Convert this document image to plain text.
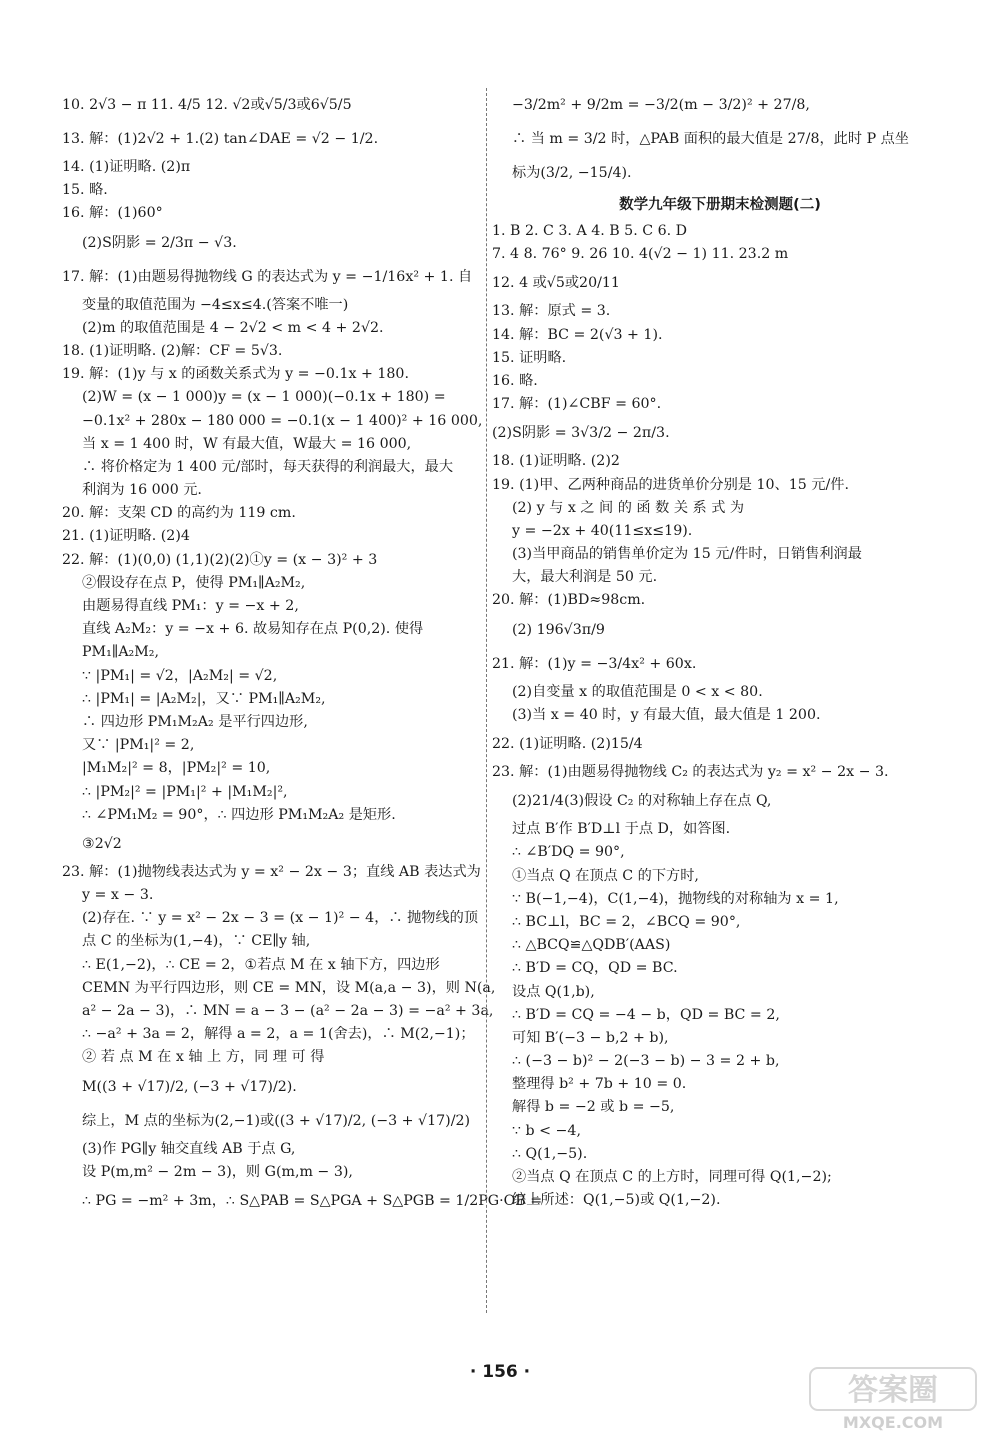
10. 2√3 − π 11. 4/5 12. √2或√5/3或6√5/5
13. 解：(1)2√2 + 1.(2) tan∠DAE = √2 − 1/2.
14. (1)证明略. (2)π
15. 略.
16. 解：(1)60°
(2)S阴影 = 2/3π − √3.
17. 解：(1)由题易得抛物线 G 的表达式为 y = −1/16x² + 1. 自
变量的取值范围为 −4≤x≤4.(答案不唯一)
(2)m 的取值范围是 4 − 2√2 < m < 4 + 2√2.
18. (1)证明略. (2)解：CF = 5√3.
19. 解：(1)y 与 x 的函数关系式为 y = −0.1x + 180.
(2)W = (x − 1 000)y = (x − 1 000)(−0.1x + 180) =
−0.1x² + 280x − 180 000 = −0.1(x − 1 400)² + 16 000,
当 x = 1 400 时，W 有最大值，W最大 = 16 000,
∴ 将价格定为 1 400 元/部时，每天获得的利润最大，最大
利润为 16 000 元.
20. 解：支架 CD 的高约为 119 cm.
21. (1)证明略. (2)4
22. 解：(1)(0,0) (1,1)(2)(2)①y = (x − 3)² + 3
②假设存在点 P，使得 PM₁∥A₂M₂,
由题易得直线 PM₁：y = −x + 2,
直线 A₂M₂：y = −x + 6. 故易知存在点 P(0,2). 使得
PM₁∥A₂M₂,
∵ |PM₁| = √2，|A₂M₂| = √2,
∴ |PM₁| = |A₂M₂|，又∵ PM₁∥A₂M₂,
∴ 四边形 PM₁M₂A₂ 是平行四边形,
又∵ |PM₁|² = 2,
|M₁M₂|² = 8，|PM₂|² = 10,
∴ |PM₂|² = |PM₁|² + |M₁M₂|²,
∴ ∠PM₁M₂ = 90°，∴ 四边形 PM₁M₂A₂ 是矩形.
③2√2
23. 解：(1)抛物线表达式为 y = x² − 2x − 3；直线 AB 表达式为
y = x − 3.
(2)存在. ∵ y = x² − 2x − 3 = (x − 1)² − 4，∴ 抛物线的顶
点 C 的坐标为(1,−4)，∵ CE∥y 轴,
∴ E(1,−2)，∴ CE = 2，①若点 M 在 x 轴下方，四边形
CEMN 为平行四边形，则 CE = MN，设 M(a,a − 3)，则 N(a,
a² − 2a − 3)，∴ MN = a − 3 − (a² − 2a − 3) = −a² + 3a,
∴ −a² + 3a = 2，解得 a = 2，a = 1(舍去)，∴ M(2,−1)；
② 若 点 M 在 x 轴 上 方，同 理 可 得
M((3 + √17)/2, (−3 + √17)/2).
综上，M 点的坐标为(2,−1)或((3 + √17)/2, (−3 + √17)/2)
(3)作 PG∥y 轴交直线 AB 于点 G,
设 P(m,m² − 2m − 3)，则 G(m,m − 3),
∴ PG = −m² + 3m，∴ S△PAB = S△PGA + S△PGB = 1/2PG·OB =
−3/2m² + 9/2m = −3/2(m − 3/2)² + 27/8,
∴ 当 m = 3/2 时，△PAB 面积的最大值是 27/8，此时 P 点坐
标为(3/2, −15/4).
数学九年级下册期末检测题(二)
1. B 2. C 3. A 4. B 5. C 6. D
7. 4 8. 76° 9. 26 10. 4(√2 − 1) 11. 23.2 m
12. 4 或√5或20/11
13. 解：原式 = 3.
14. 解：BC = 2(√3 + 1).
15. 证明略.
16. 略.
17. 解：(1)∠CBF = 60°.
(2)S阴影 = 3√3/2 − 2π/3.
18. (1)证明略. (2)2
19. (1)甲、乙两种商品的进货单价分别是 10、15 元/件.
(2) y 与 x 之 间 的 函 数 关 系 式 为
y = −2x + 40(11≤x≤19).
(3)当甲商品的销售单价定为 15 元/件时，日销售利润最
大，最大利润是 50 元.
20. 解：(1)BD≈98cm.
(2) 196√3π/9
21. 解：(1)y = −3/4x² + 60x.
(2)自变量 x 的取值范围是 0 < x < 80.
(3)当 x = 40 时，y 有最大值，最大值是 1 200.
22. (1)证明略. (2)15/4
23. 解：(1)由题易得抛物线 C₂ 的表达式为 y₂ = x² − 2x − 3.
(2)21/4(3)假设 C₂ 的对称轴上存在点 Q,
过点 B′作 B′D⊥l 于点 D，如答图.
∴ ∠B′DQ = 90°,
①当点 Q 在顶点 C 的下方时,
∵ B(−1,−4)，C(1,−4)，抛物线的对称轴为 x = 1,
∴ BC⊥l，BC = 2，∠BCQ = 90°,
∴ △BCQ≌△QDB′(AAS)
∴ B′D = CQ，QD = BC.
设点 Q(1,b),
∴ B′D = CQ = −4 − b，QD = BC = 2,
可知 B′(−3 − b,2 + b),
∴ (−3 − b)² − 2(−3 − b) − 3 = 2 + b,
整理得 b² + 7b + 10 = 0.
解得 b = −2 或 b = −5,
∵ b < −4,
∴ Q(1,−5).
②当点 Q 在顶点 C 的上方时，同理可得 Q(1,−2);
综上所述：Q(1,−5)或 Q(1,−2).
· 156 ·
答案圈
MXQE.COM
